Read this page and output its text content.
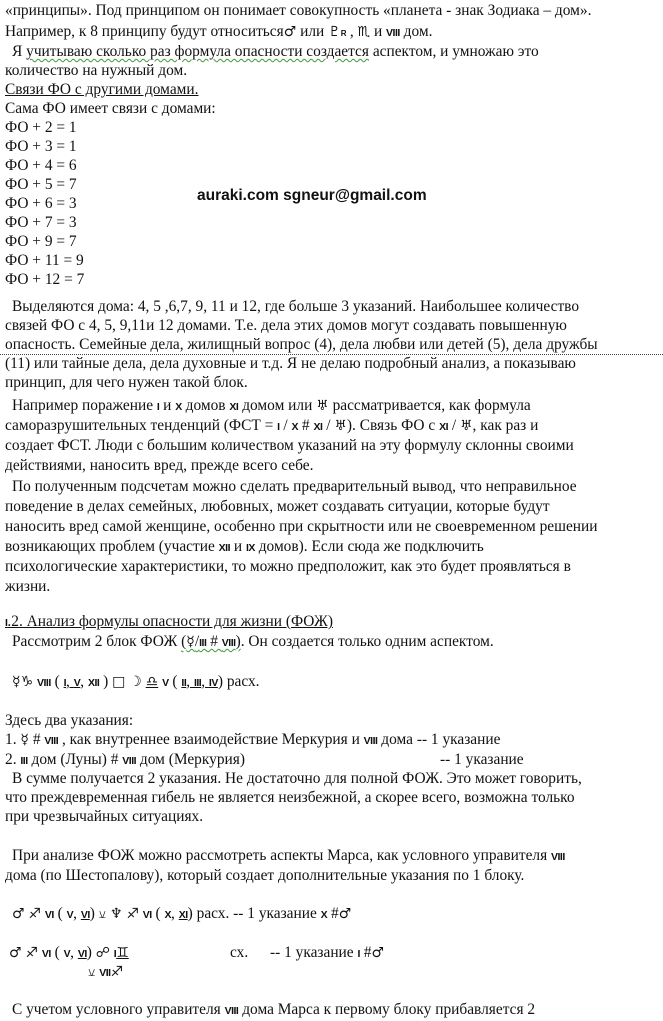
«принципы». Под принципом он понимает совокупность «планета - знак Зодиака – дом».
Например, к 8 принципу будут относиться♂ или ♇R , ♏ и VIII дом.
Я учитываю сколько раз формула опасности создается аспектом, и умножаю это
количество на нужный дом.
Связи ФО с другими домами.
Сама ФО имеет связи с домами:
ФО + 2 = 1
ФО + 3 = 1
ФО + 4 = 6
ФО + 5 = 7
ФО + 6 = 3
ФО + 7 = 3
ФО + 9 = 7
ФО + 11 = 9
ФО + 12 = 7
auraki.com sgneur@gmail.com
Выделяются дома: 4, 5 ,6,7, 9, 11 и 12, где больше 3 указаний. Наибольшее количество
связей ФО с 4, 5, 9,11и 12 домами. Т.е. дела этих домов могут создавать повышенную
опасность. Семейные дела, жилищный вопрос (4), дела любви или детей (5), дела дружбы
(11) или тайные дела, дела духовные и т.д. Я не делаю подробный анализ, а показываю
принцип, для чего нужен такой блок.
Например поражение I и X домов XI домом или ♅ рассматривается, как формула
саморазрушительных тенденций (ФСТ = I / X # XI / ♅). Связь ФО с XI / ♅, как раз и
создает ФСТ. Люди с большим количеством указаний на эту формулу склонны своими
действиями, наносить вред, прежде всего себе.
По полученным подсчетам можно сделать предварительный вывод, что неправильное
поведение в делах семейных, любовных, может создавать ситуации, которые будут
наносить вред самой женщине, особенно при скрытности или не своевременном решении
возникающих проблем (участие XII и IX домов). Если сюда же подключить
психологические характеристики, то можно предположит, как это будет проявляться в
жизни.
I.2. Анализ формулы опасности для жизни (ФОЖ)
Рассмотрим 2 блок ФОЖ (☿/III # VIII). Он создается только одним аспектом.
☿♑ VIII ( I, V, XII ) □ ☽ ♎ V ( II, III, IV) расх.
Здесь два указания:
1. ☿ # VIII , как внутреннее взаимодействие Меркурия и VIII дома -- 1 указание
2. III дом (Луны) # VIII дом (Меркурия)	-- 1 указание
В сумме получается 2 указания. Не достаточно для полной ФОЖ. Это может говорить,
что преждевременная гибель не является неизбежной, а скорее всего, возможна только
при чрезвычайных ситуациях.
При анализе ФОЖ можно рассмотреть аспекты Марса, как условного управителя VIII
дома (по Шестопалову), который создает дополнительные указания по 1 блоку.
♂ ♐ VI ( V, VI) ⚺ ♆ ♐ VI ( X, XI) расх. -- 1 указание X #♂
♂ ♐ VI ( V, VI) ☍ I♊	сх. -- 1 указание I #♂
⚺ VII♐
С учетом условного управителя VIII дома Марса к первому блоку прибавляется 2
